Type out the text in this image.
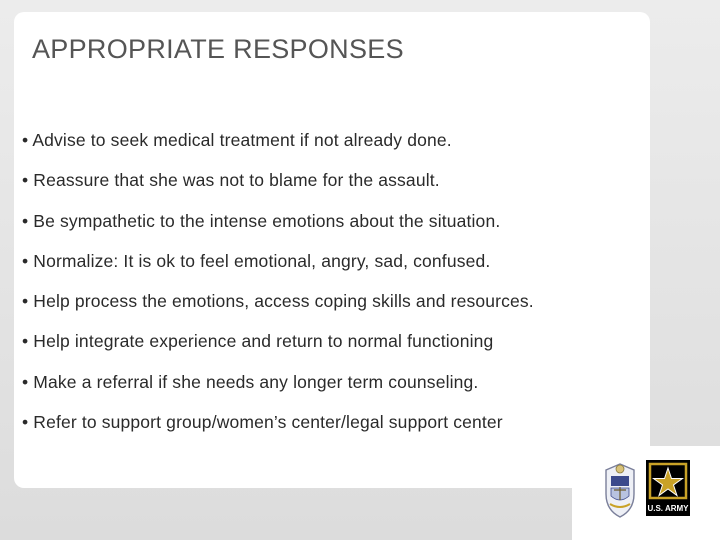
APPROPRIATE RESPONSES
• Advise to seek medical treatment if not already done.
• Reassure that she was not to blame for the assault.
• Be sympathetic to the intense emotions about the situation.
• Normalize: It is ok to feel emotional, angry, sad, confused.
• Help process the emotions, access coping skills and resources.
• Help integrate experience and return to normal functioning
• Make a referral if she needs any longer term counseling.
• Refer to support group/women’s center/legal support center
U.S. ARMY
